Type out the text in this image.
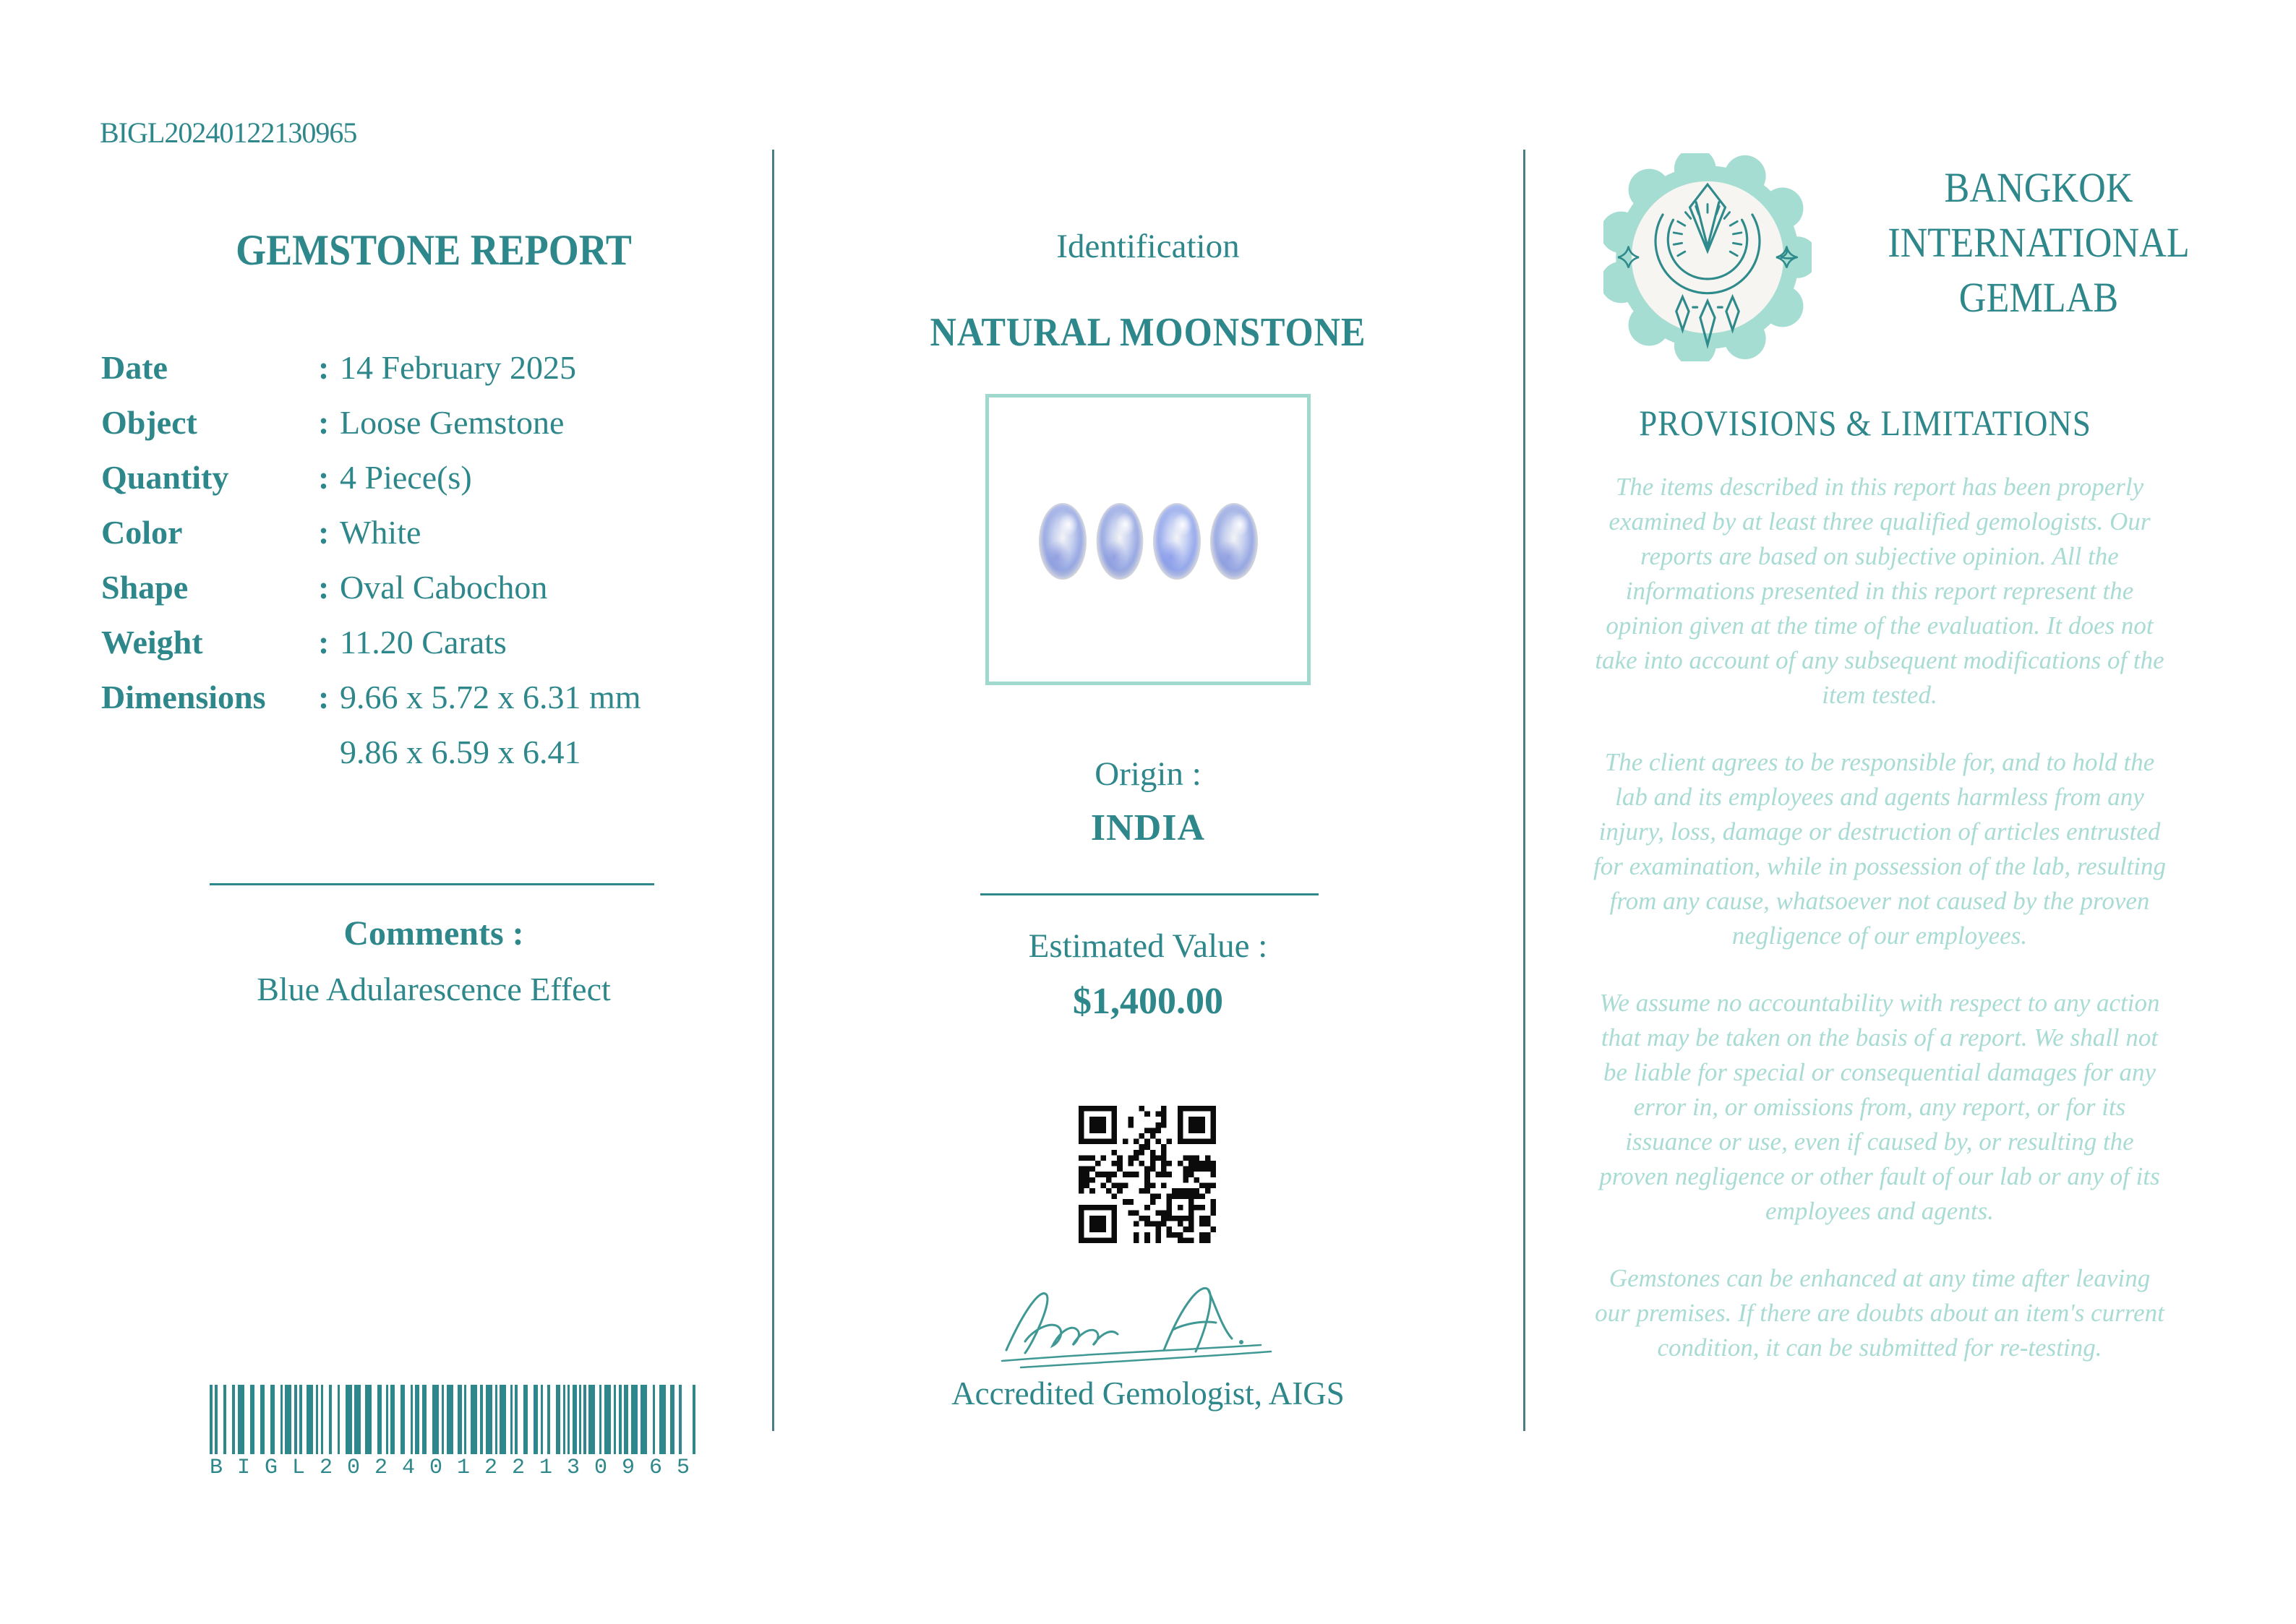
BIGL20240122130965
GEMSTONE REPORT
Date	: 14 February 2025
Object	: Loose Gemstone
Quantity	: 4 Piece(s)
Color	: White
Shape	: Oval Cabochon
Weight	: 11.20 Carats
Dimensions	: 9.66 x 5.72 x 6.31 mm
9.86 x 6.59 x 6.41
Comments :
Blue Adularescence Effect
BIGL20240122130965
Identification
NATURAL MOONSTONE
Origin :
INDIA
Estimated Value :
$1,400.00
Accredited Gemologist, AIGS
BANGKOK
INTERNATIONAL
GEMLAB
PROVISIONS & LIMITATIONS

The items described in this report has been properly examined by at least three qualified gemologists. Our reports are based on subjective opinion. All the informations presented in this report represent the opinion given at the time of the evaluation. It does not take into account of any subsequent modifications of the item tested.

The client agrees to be responsible for, and to hold the lab and its employees and agents harmless from any injury, loss, damage or destruction of articles entrusted for examination, while in possession of the lab, resulting from any cause, whatsoever not caused by the proven negligence of our employees.

We assume no accountability with respect to any action that may be taken on the basis of a report. We shall not be liable for special or consequential damages for any error in, or omissions from, any report, or for its issuance or use, even if caused by, or resulting the proven negligence or other fault of our lab or any of its employees and agents.

Gemstones can be enhanced at any time after leaving our premises. If there are doubts about an item's current condition, it can be submitted for re-testing.
